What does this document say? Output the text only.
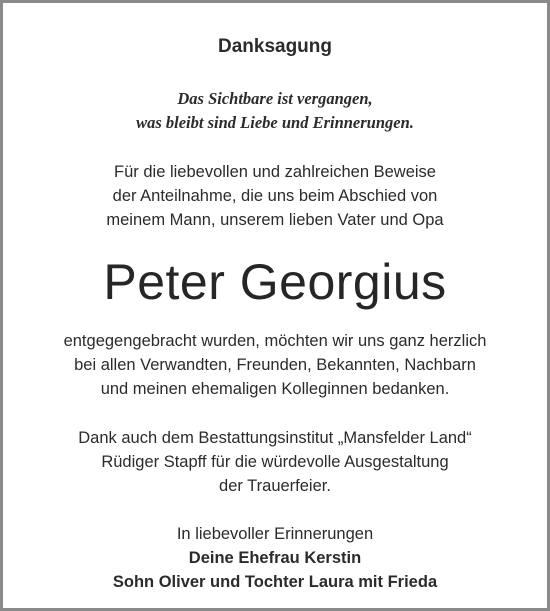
Danksagung
Das Sichtbare ist vergangen,
was bleibt sind Liebe und Erinnerungen.
Für die liebevollen und zahlreichen Beweise
der Anteilnahme, die uns beim Abschied von
meinem Mann, unserem lieben Vater und Opa
Peter Georgius
entgegengebracht wurden, möchten wir uns ganz herzlich
bei allen Verwandten, Freunden, Bekannten, Nachbarn
und meinen ehemaligen Kolleginnen bedanken.
Dank auch dem Bestattungsinstitut „Mansfelder Land“
Rüdiger Stapff für die würdevolle Ausgestaltung
der Trauerfeier.
In liebevoller Erinnerungen
Deine Ehefrau Kerstin
Sohn Oliver und Tochter Laura mit Frieda
